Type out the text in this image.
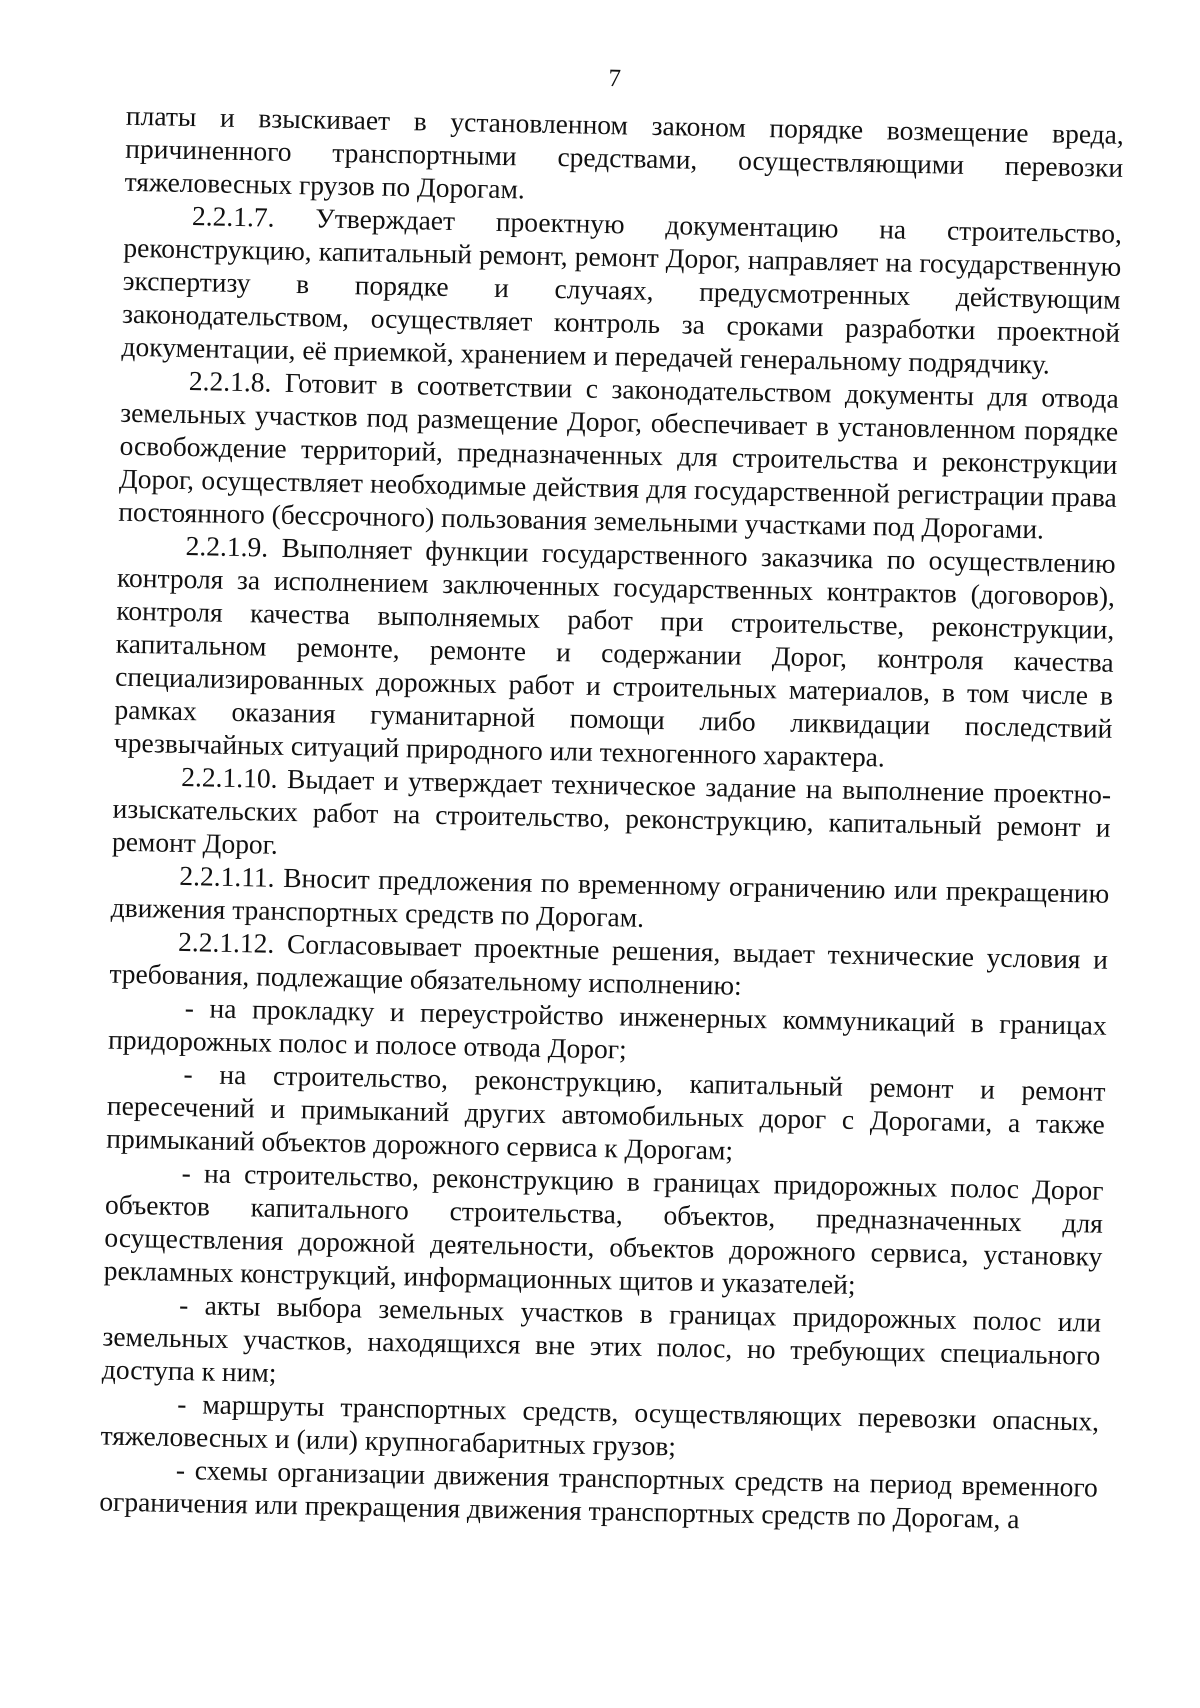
7

платы и взыскивает в установленном законом порядке возмещение вреда, причиненного транспортными средствами, осуществляющими перевозки тяжеловесных грузов по Дорогам.

2.2.1.7. Утверждает проектную документацию на строительство, реконструкцию, капитальный ремонт, ремонт Дорог, направляет на государственную экспертизу в порядке и случаях, предусмотренных действующим законодательством, осуществляет контроль за сроками разработки проектной документации, её приемкой, хранением и передачей генеральному подрядчику.

2.2.1.8. Готовит в соответствии с законодательством документы для отвода земельных участков под размещение Дорог, обеспечивает в установленном порядке освобождение территорий, предназначенных для строительства и реконструкции Дорог, осуществляет необходимые действия для государственной регистрации права постоянного (бессрочного) пользования земельными участками под Дорогами.

2.2.1.9. Выполняет функции государственного заказчика по осуществлению контроля за исполнением заключенных государственных контрактов (договоров), контроля качества выполняемых работ при строительстве, реконструкции, капитальном ремонте, ремонте и содержании Дорог, контроля качества специализированных дорожных работ и строительных материалов, в том числе в рамках оказания гуманитарной помощи либо ликвидации последствий чрезвычайных ситуаций природного или техногенного характера.

2.2.1.10. Выдает и утверждает техническое задание на выполнение проектно-изыскательских работ на строительство, реконструкцию, капитальный ремонт и ремонт Дорог.

2.2.1.11. Вносит предложения по временному ограничению или прекращению движения транспортных средств по Дорогам.

2.2.1.12. Согласовывает проектные решения, выдает технические условия и требования, подлежащие обязательному исполнению:

- на прокладку и переустройство инженерных коммуникаций в границах придорожных полос и полосе отвода Дорог;

- на строительство, реконструкцию, капитальный ремонт и ремонт пересечений и примыканий других автомобильных дорог с Дорогами, а также примыканий объектов дорожного сервиса к Дорогам;

- на строительство, реконструкцию в границах придорожных полос Дорог объектов капитального строительства, объектов, предназначенных для осуществления дорожной деятельности, объектов дорожного сервиса, установку рекламных конструкций, информационных щитов и указателей;

- акты выбора земельных участков в границах придорожных полос или земельных участков, находящихся вне этих полос, но требующих специального доступа к ним;

- маршруты транспортных средств, осуществляющих перевозки опасных, тяжеловесных и (или) крупногабаритных грузов;

- схемы организации движения транспортных средств на период временного ограничения или прекращения движения транспортных средств по Дорогам, а
